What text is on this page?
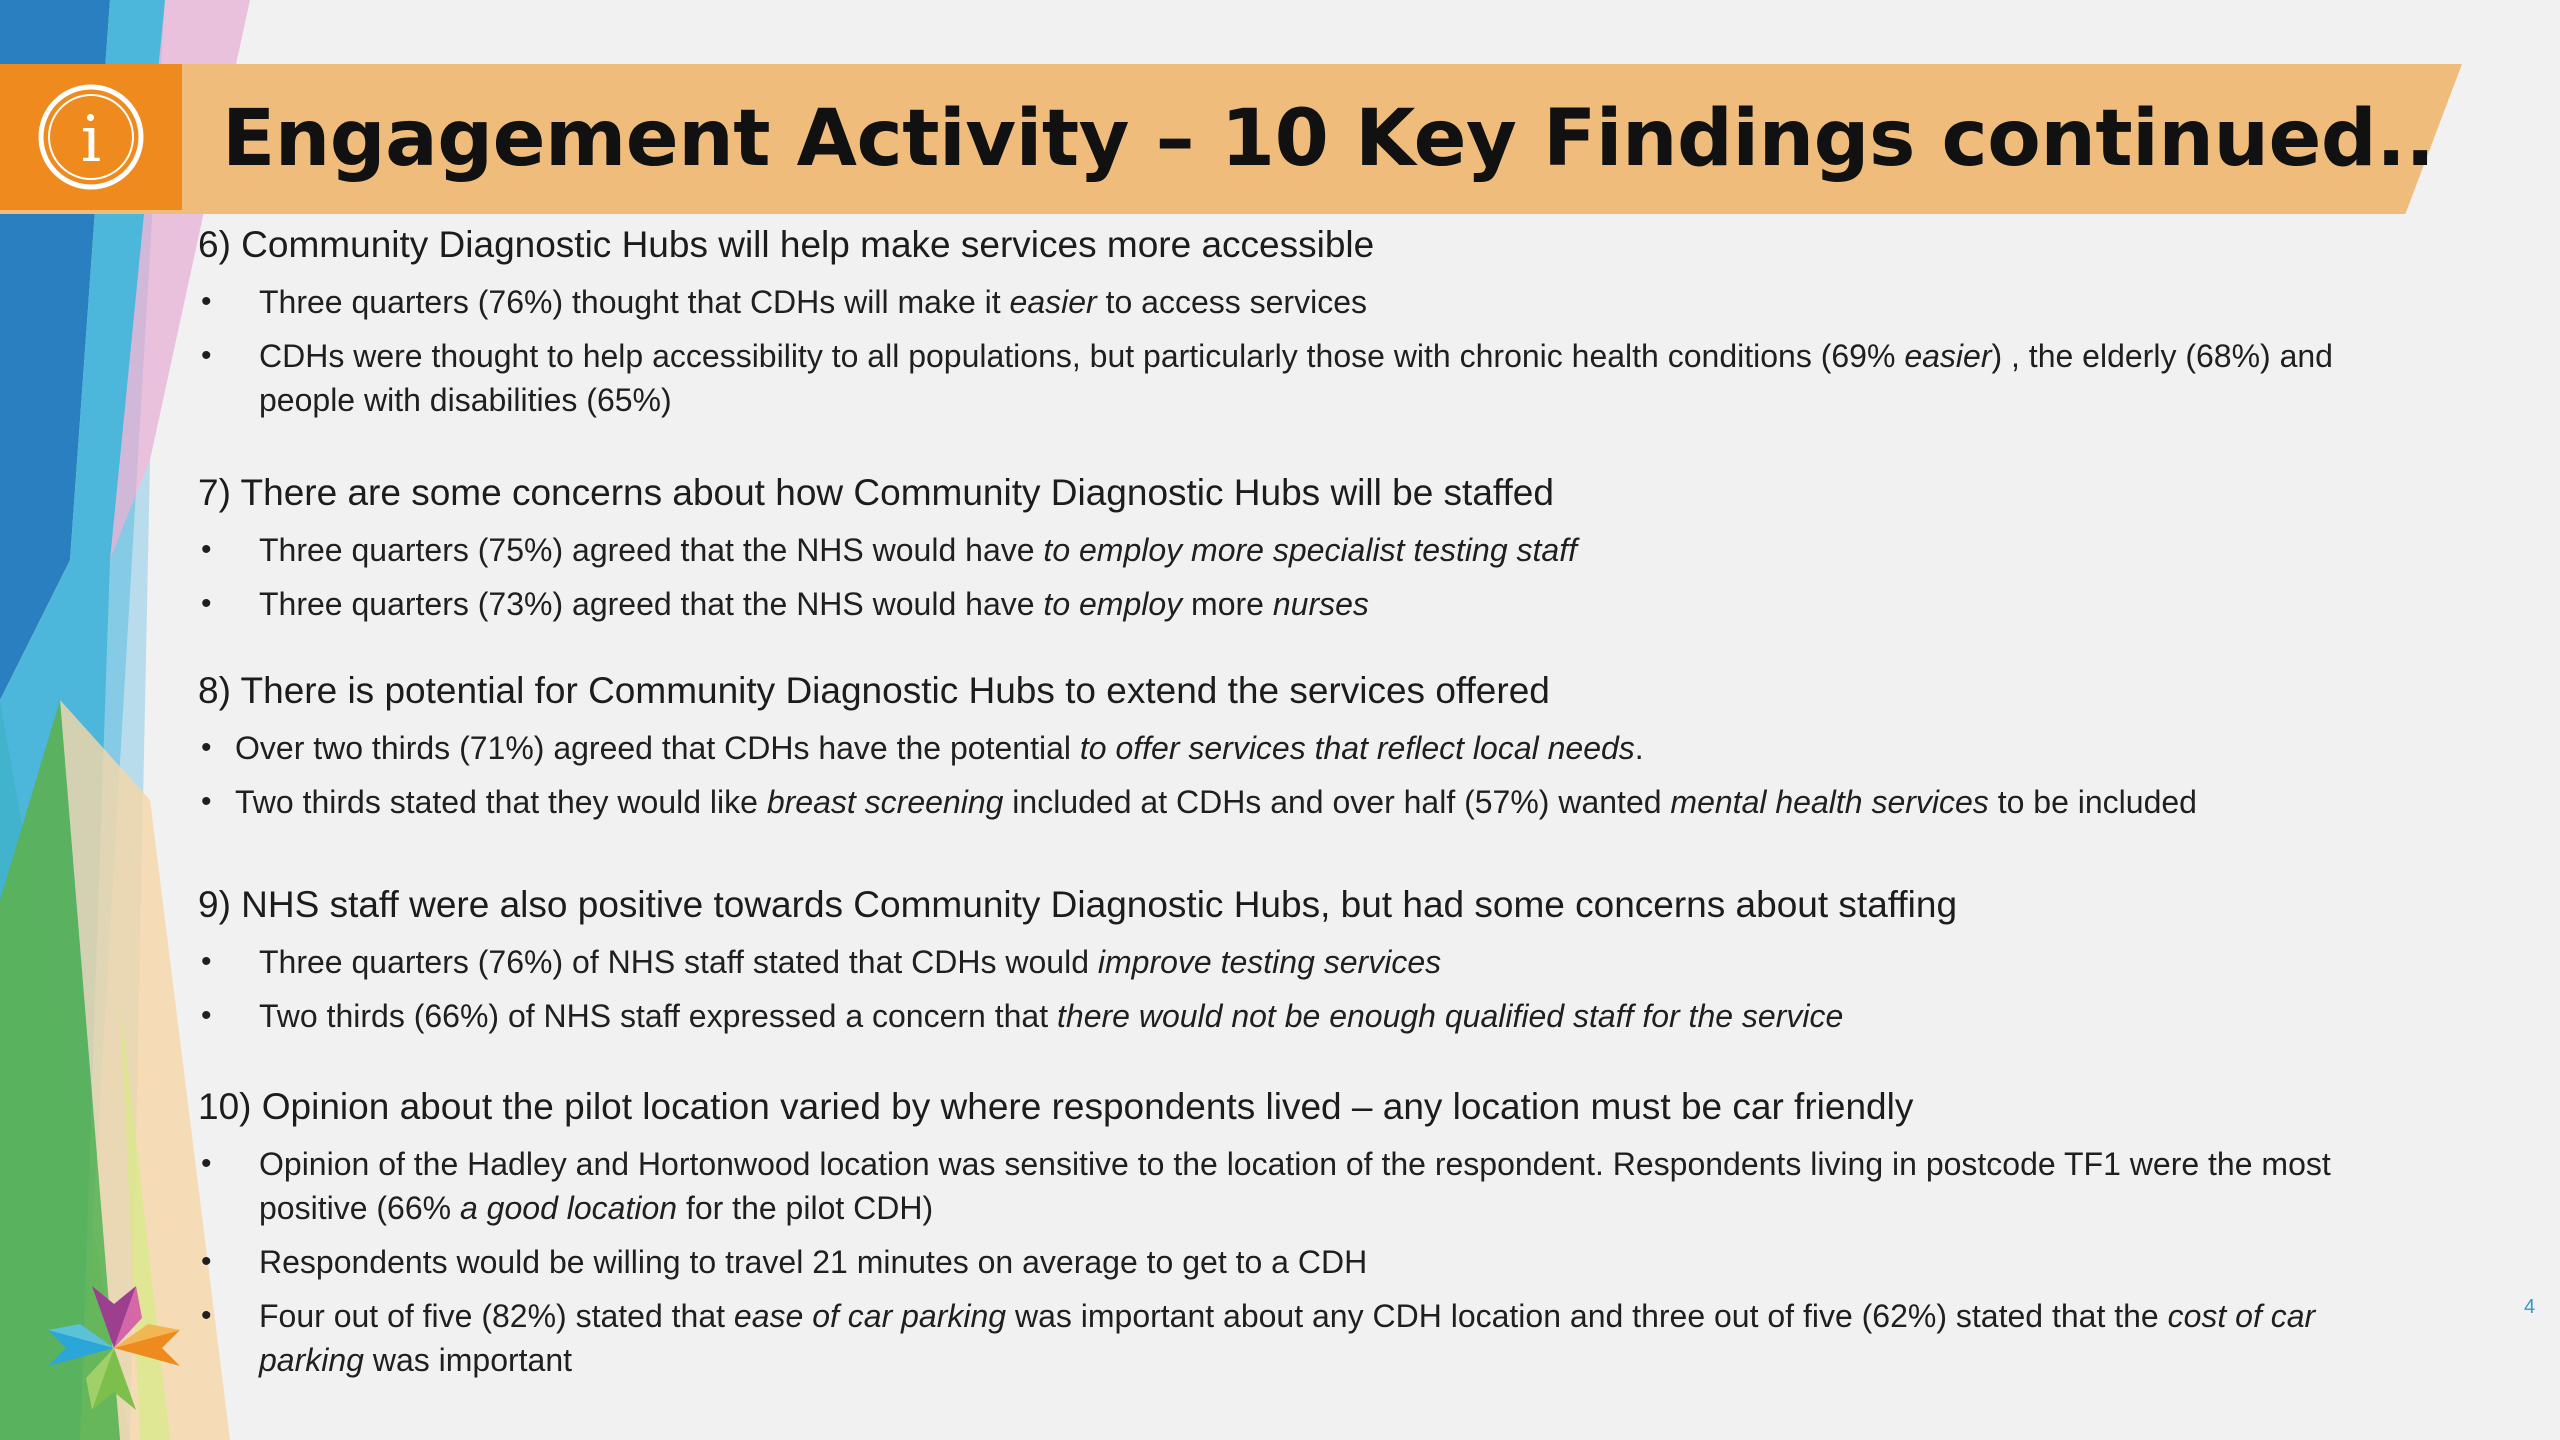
i Engagement Activity – 10 Key Findings continued..
6) Community Diagnostic Hubs will help make services more accessible
• Three quarters (76%) thought that CDHs will make it easier to access services
• CDHs were thought to help accessibility to all populations, but particularly those with chronic health conditions (69% easier) , the elderly (68%) and people with disabilities (65%)
7) There are some concerns about how Community Diagnostic Hubs will be staffed
• Three quarters (75%) agreed that the NHS would have to employ more specialist testing staff
• Three quarters (73%) agreed that the NHS would have to employ more nurses
8) There is potential for Community Diagnostic Hubs to extend the services offered
• Over two thirds (71%) agreed that CDHs have the potential to offer services that reflect local needs.
• Two thirds stated that they would like breast screening included at CDHs and over half (57%) wanted mental health services to be included
9) NHS staff were also positive towards Community Diagnostic Hubs, but had some concerns about staffing
• Three quarters (76%) of NHS staff stated that CDHs would improve testing services
• Two thirds (66%) of NHS staff expressed a concern that there would not be enough qualified staff for the service
10) Opinion about the pilot location varied by where respondents lived – any location must be car friendly
• Opinion of the Hadley and Hortonwood location was sensitive to the location of the respondent. Respondents living in postcode TF1 were the most positive (66% a good location for the pilot CDH)
• Respondents would be willing to travel 21 minutes on average to get to a CDH
• Four out of five (82%) stated that ease of car parking was important about any CDH location and three out of five (62%) stated that the cost of car parking was important
4
